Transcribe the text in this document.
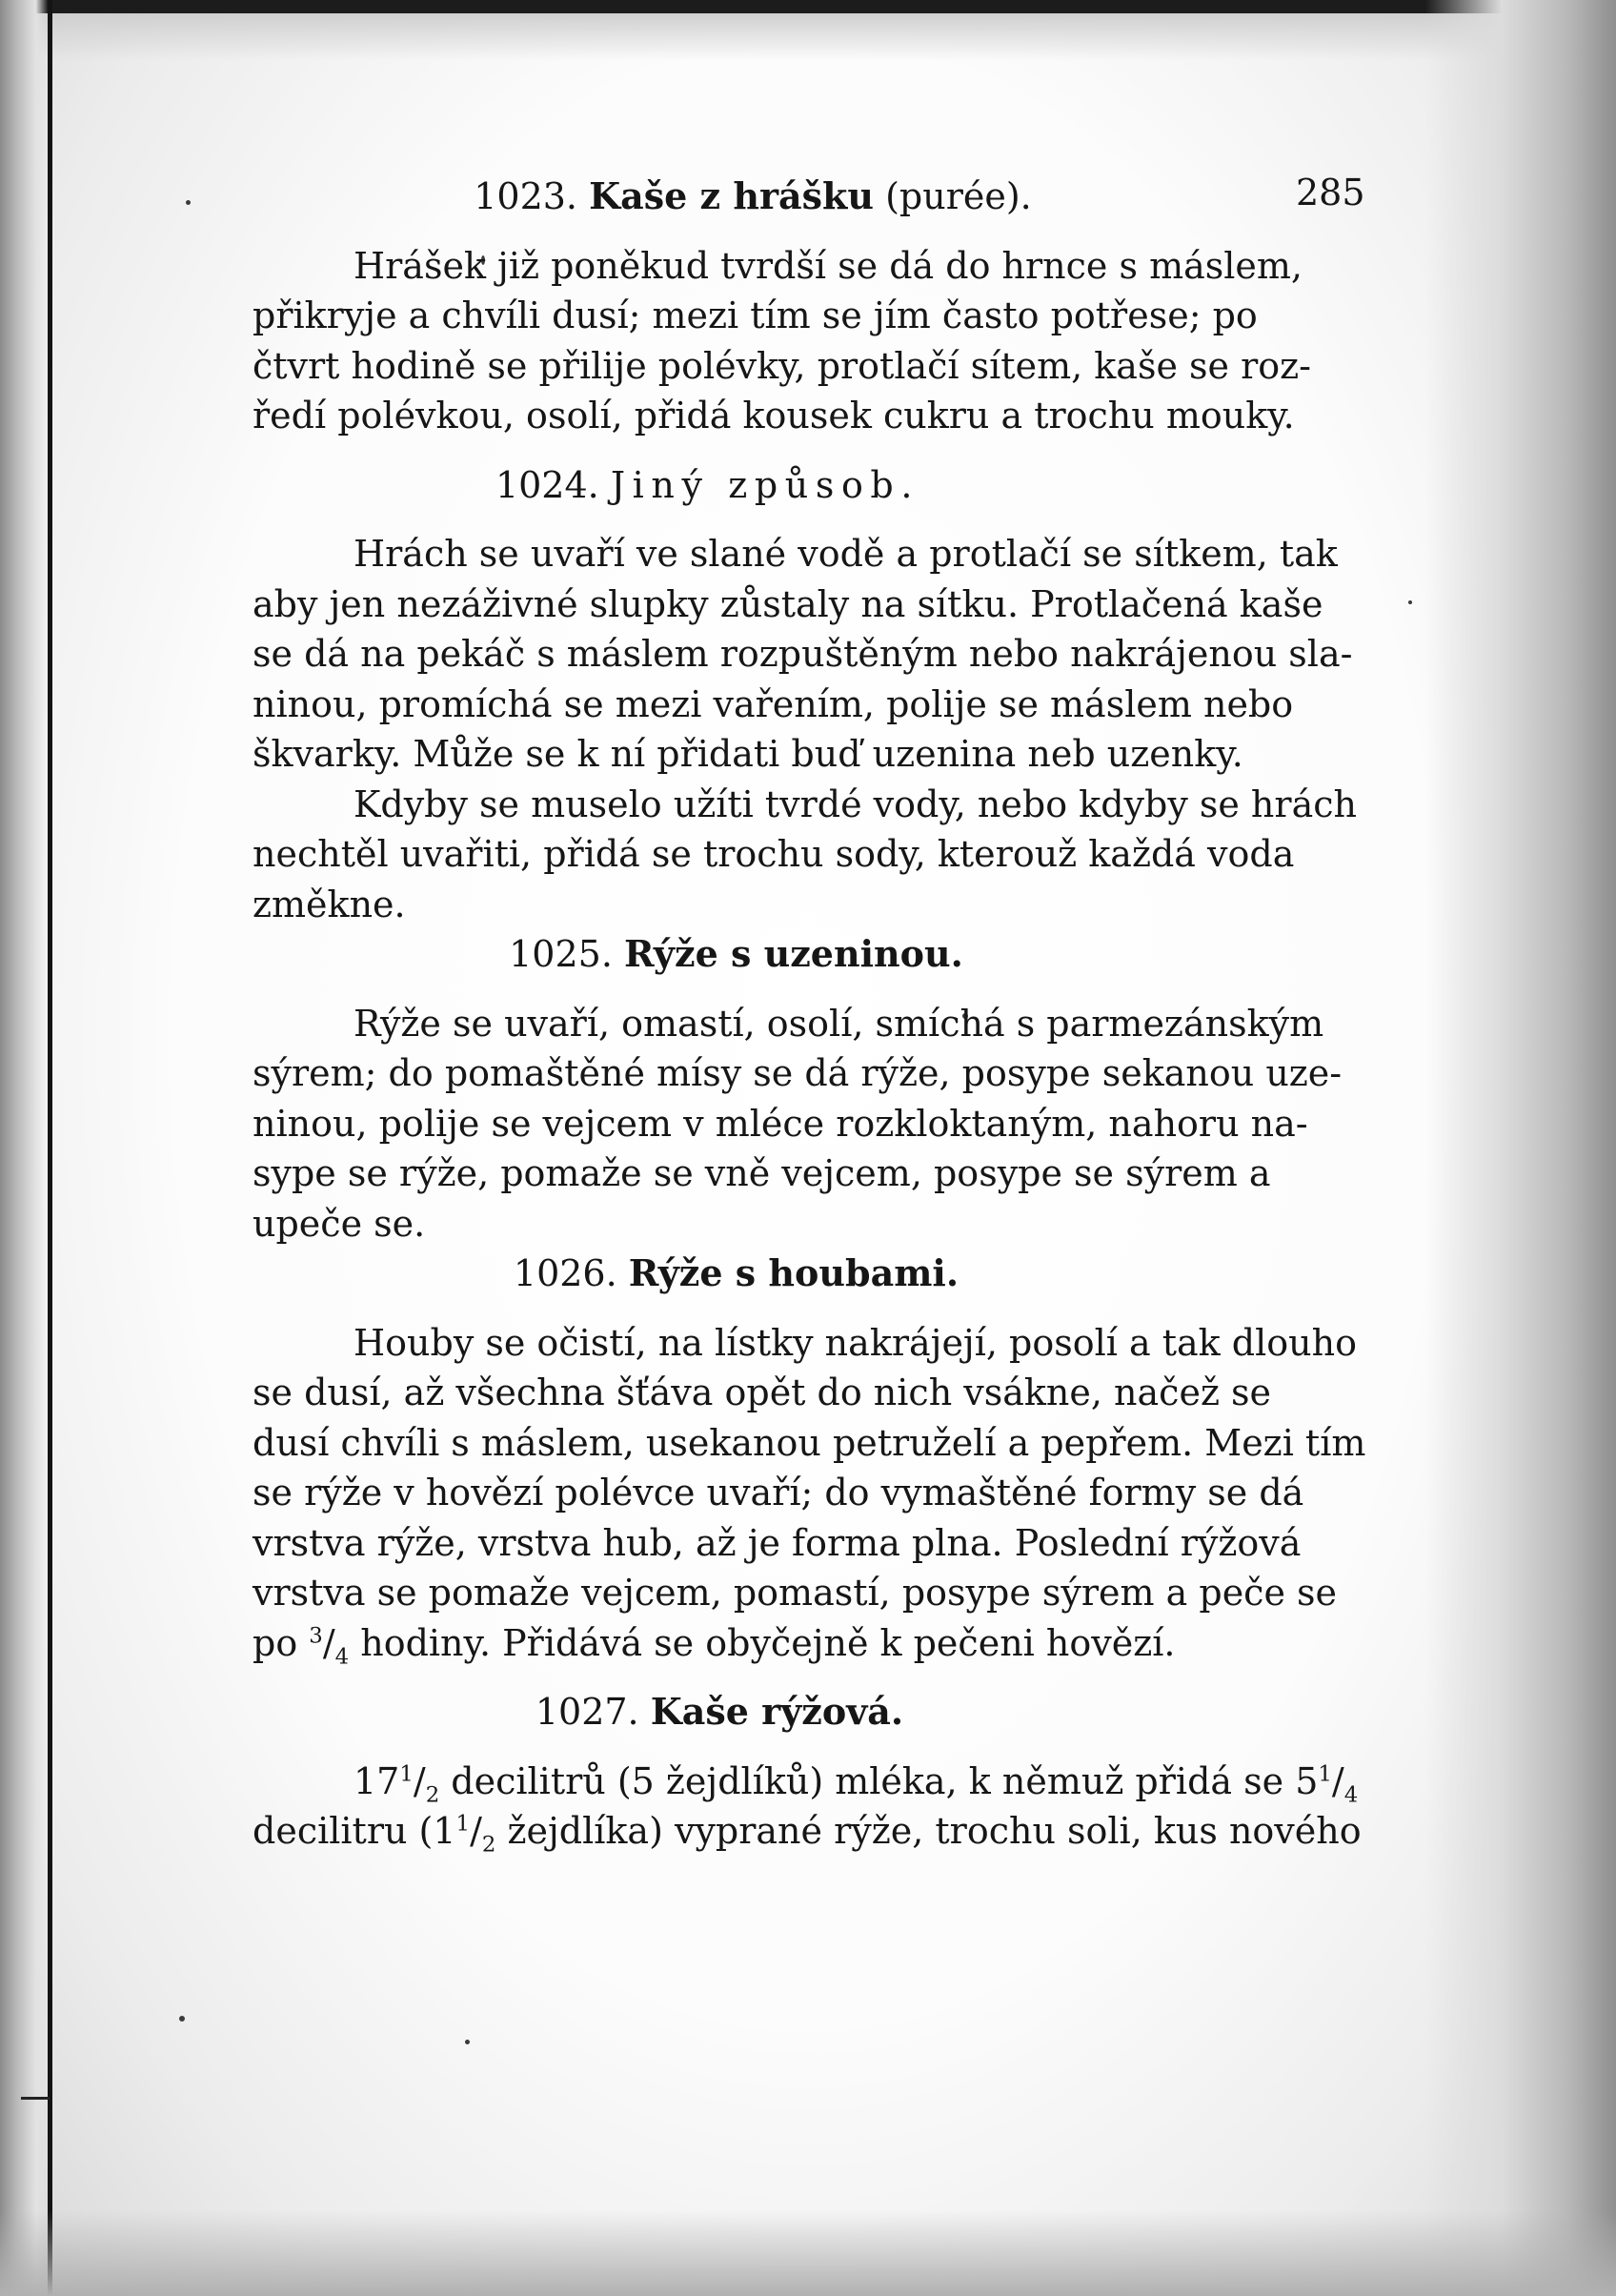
285
1023. Kaše z hrášku (purée).
Hrášek již poněkud tvrdší se dá do hrnce s máslem,
přikryje a chvíli dusí; mezi tím se jím často potřese; po
čtvrt hodině se přilije polévky, protlačí sítem, kaše se roz-
ředí polévkou, osolí, přidá kousek cukru a trochu mouky.
1024. Jiný způsob.
Hrách se uvaří ve slané vodě a protlačí se sítkem, tak
aby jen nezáživné slupky zůstaly na sítku. Protlačená kaše
se dá na pekáč s máslem rozpuštěným nebo nakrájenou sla-
ninou, promíchá se mezi vařením, polije se máslem nebo
škvarky. Může se k ní přidati buď uzenina neb uzenky.
Kdyby se muselo užíti tvrdé vody, nebo kdyby se hrách
nechtěl uvařiti, přidá se trochu sody, kterouž každá voda
změkne.
1025. Rýže s uzeninou.
Rýže se uvaří, omastí, osolí, smíchá s parmezánským
sýrem; do pomaštěné mísy se dá rýže, posype sekanou uze-
ninou, polije se vejcem v mléce rozkloktaným, nahoru na-
sype se rýže, pomaže se vně vejcem, posype se sýrem a
upeče se.
1026. Rýže s houbami.
Houby se očistí, na lístky nakrájejí, posolí a tak dlouho
se dusí, až všechna šťáva opět do nich vsákne, načež se
dusí chvíli s máslem, usekanou petruželí a pepřem. Mezi tím
se rýže v hovězí polévce uvaří; do vymaštěné formy se dá
vrstva rýže, vrstva hub, až je forma plna. Poslední rýžová
vrstva se pomaže vejcem, pomastí, posype sýrem a peče se
po $^3/_4$ hodiny. Přidává se obyčejně k pečeni hovězí.
1027. Kaše rýžová.
$17^1/_2$ decilitrů (5 žejdlíků) mléka, k němuž přidá se $5^1/_4$
decilitru ($1^1/_2$ žejdlíka) vyprané rýže, trochu soli, kus nového
